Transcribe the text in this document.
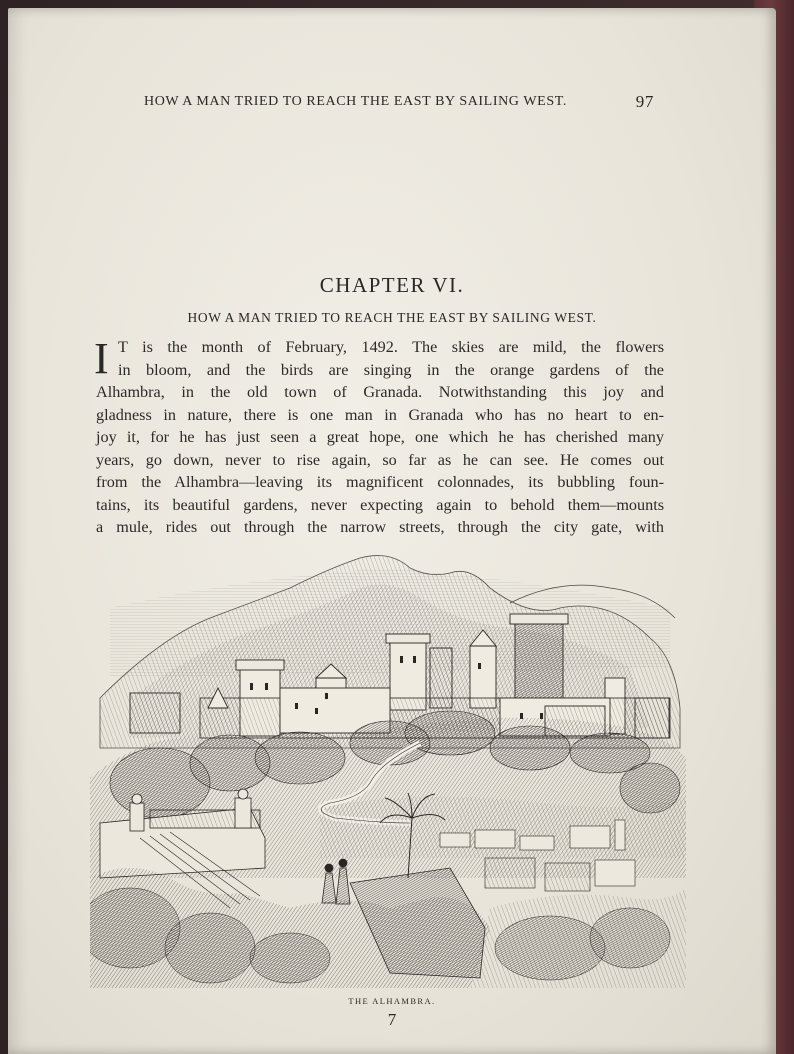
HOW A MAN TRIED TO REACH THE EAST BY SAILING WEST.	97
CHAPTER VI.
HOW A MAN TRIED TO REACH THE EAST BY SAILING WEST.
I T is the month of February, 1492. The skies are mild, the flowers
in bloom, and the birds are singing in the orange gardens of the
Alhambra, in the old town of Granada. Notwithstanding this joy and
gladness in nature, there is one man in Granada who has no heart to en-
joy it, for he has just seen a great hope, one which he has cherished many
years, go down, never to rise again, so far as he can see. He comes out
from the Alhambra—leaving its magnificent colonnades, its bubbling foun-
tains, its beautiful gardens, never expecting again to behold them—mounts
a mule, rides out through the narrow streets, through the city gate, with
THE ALHAMBRA.
7
